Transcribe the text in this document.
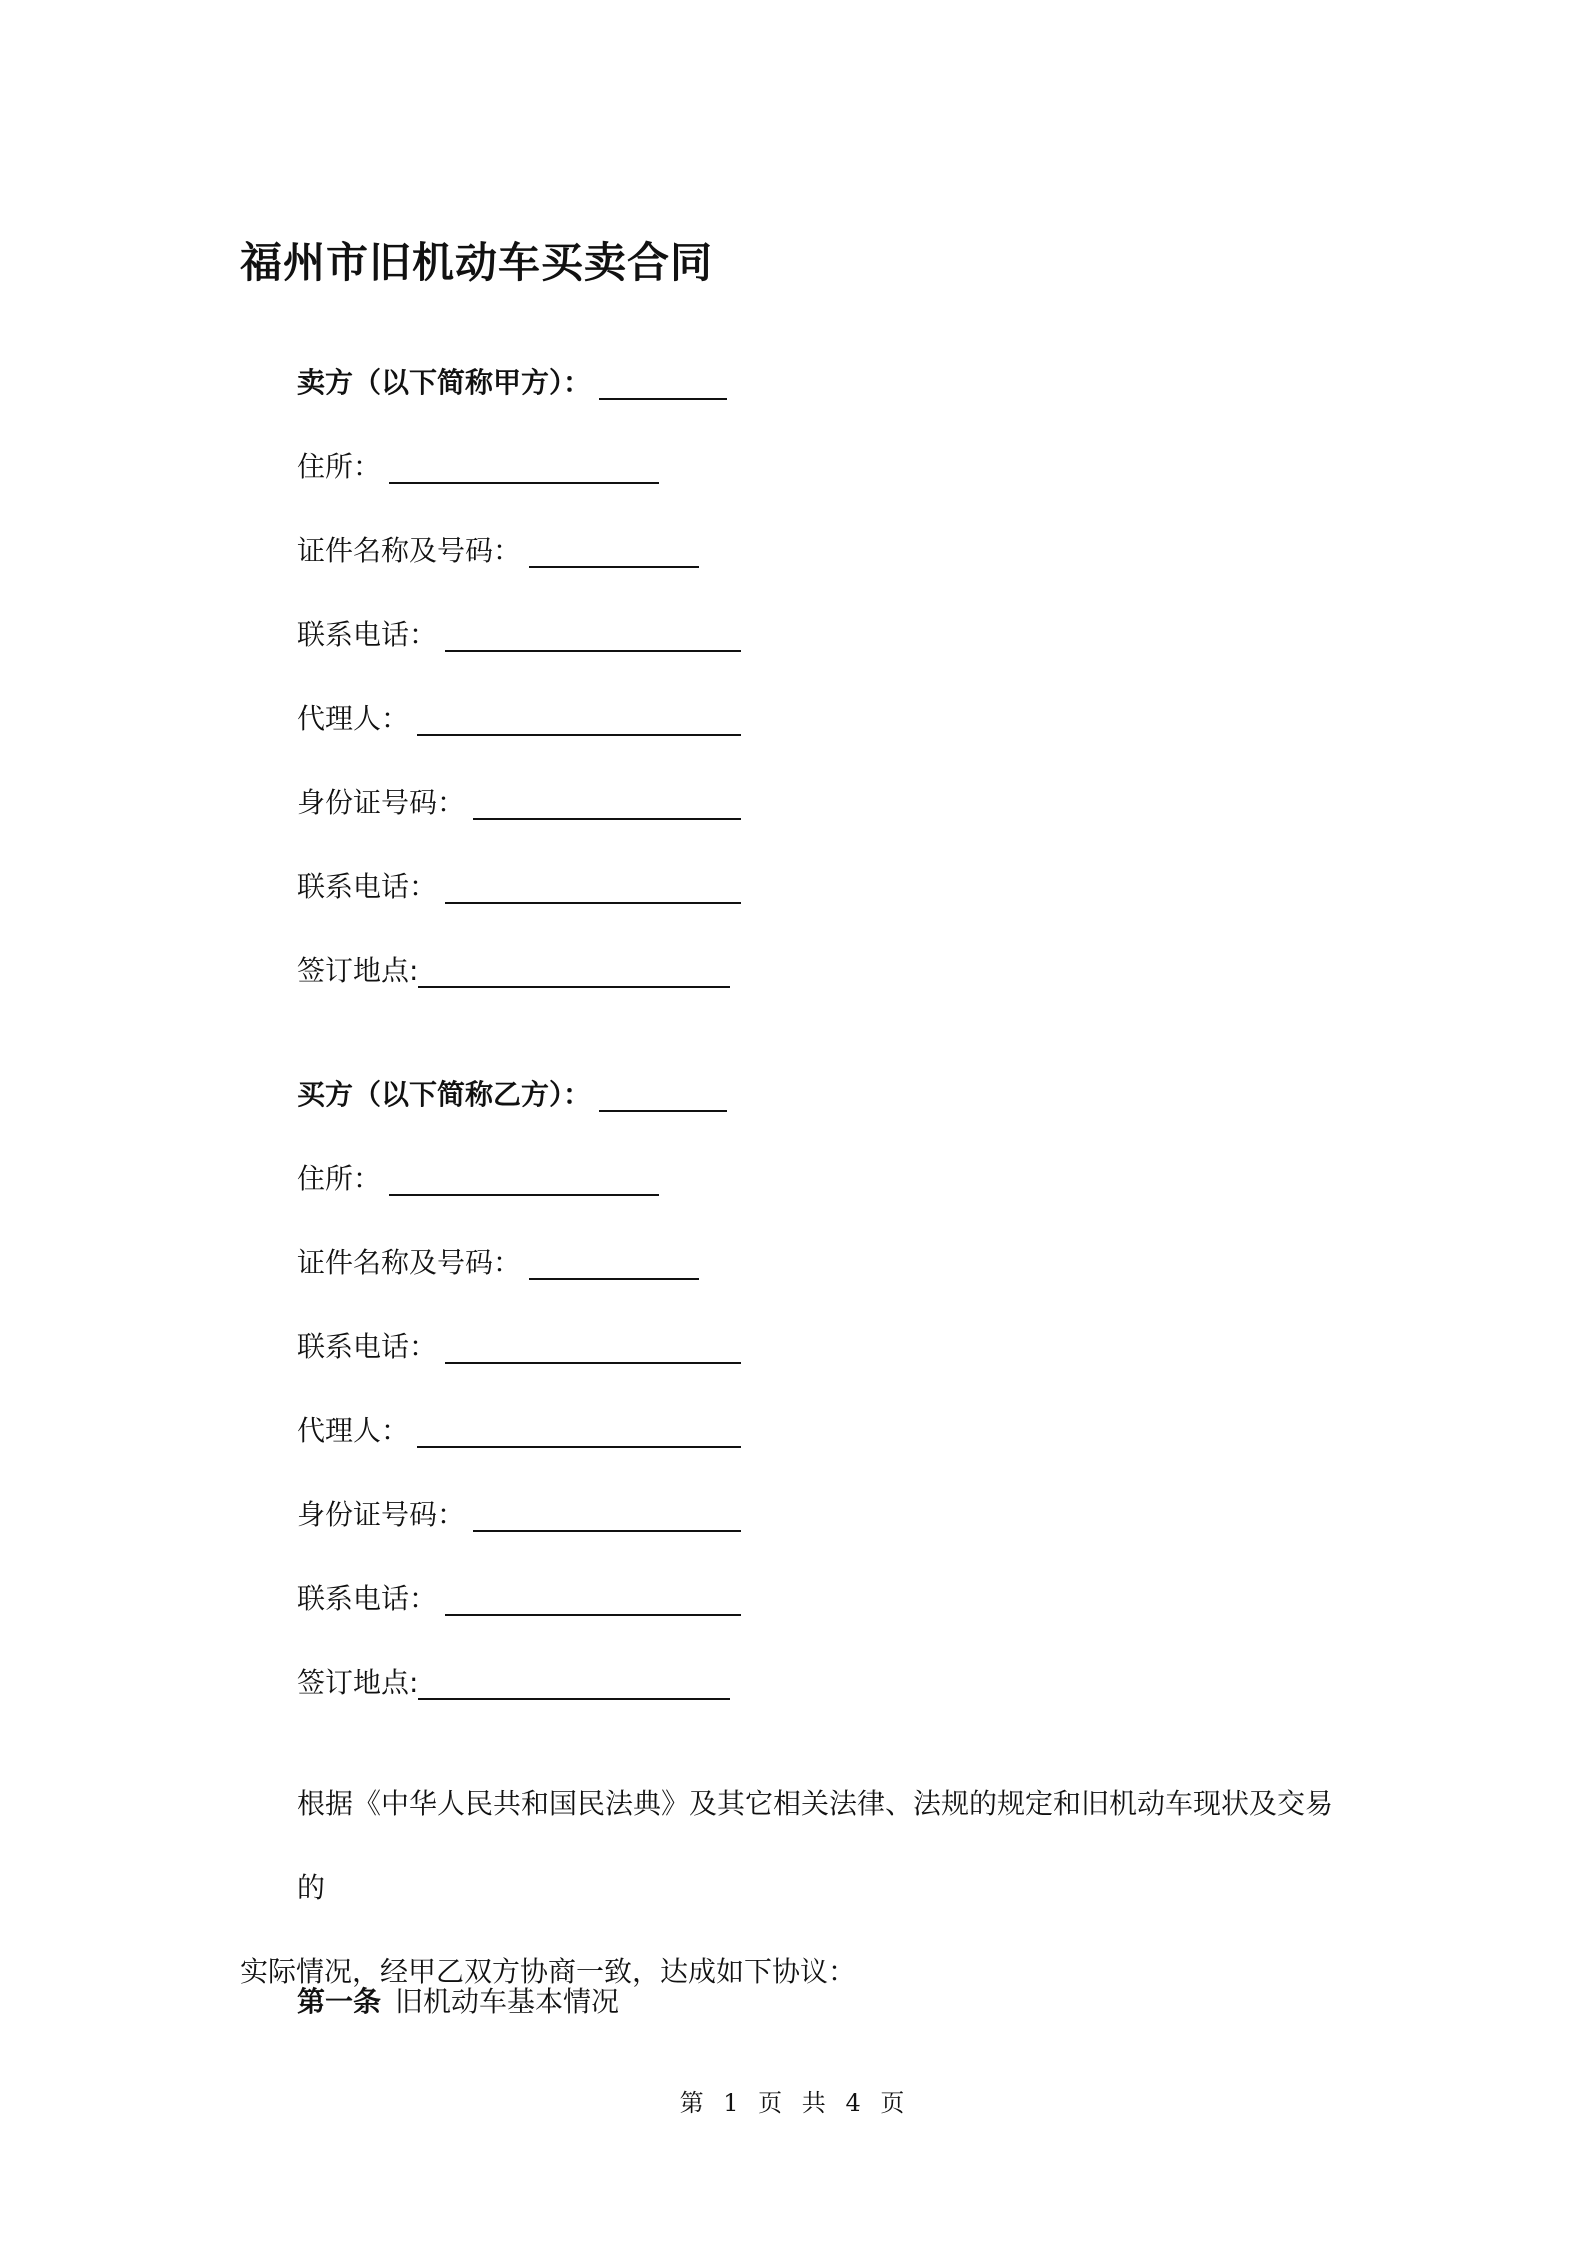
福州市旧机动车买卖合同
卖方（以下简称甲方）：
住所：
证件名称及号码：
联系电话：
代理人：
身份证号码：
联系电话：
签订地点:
买方（以下简称乙方）：
住所：
证件名称及号码：
联系电话：
代理人：
身份证号码：
联系电话：
签订地点:
根据《中华人民共和国民法典》及其它相关法律、法规的规定和旧机动车现状及交易的
实际情况，经甲乙双方协商一致，达成如下协议：
第一条 旧机动车基本情况
第 1 页 共 4 页
